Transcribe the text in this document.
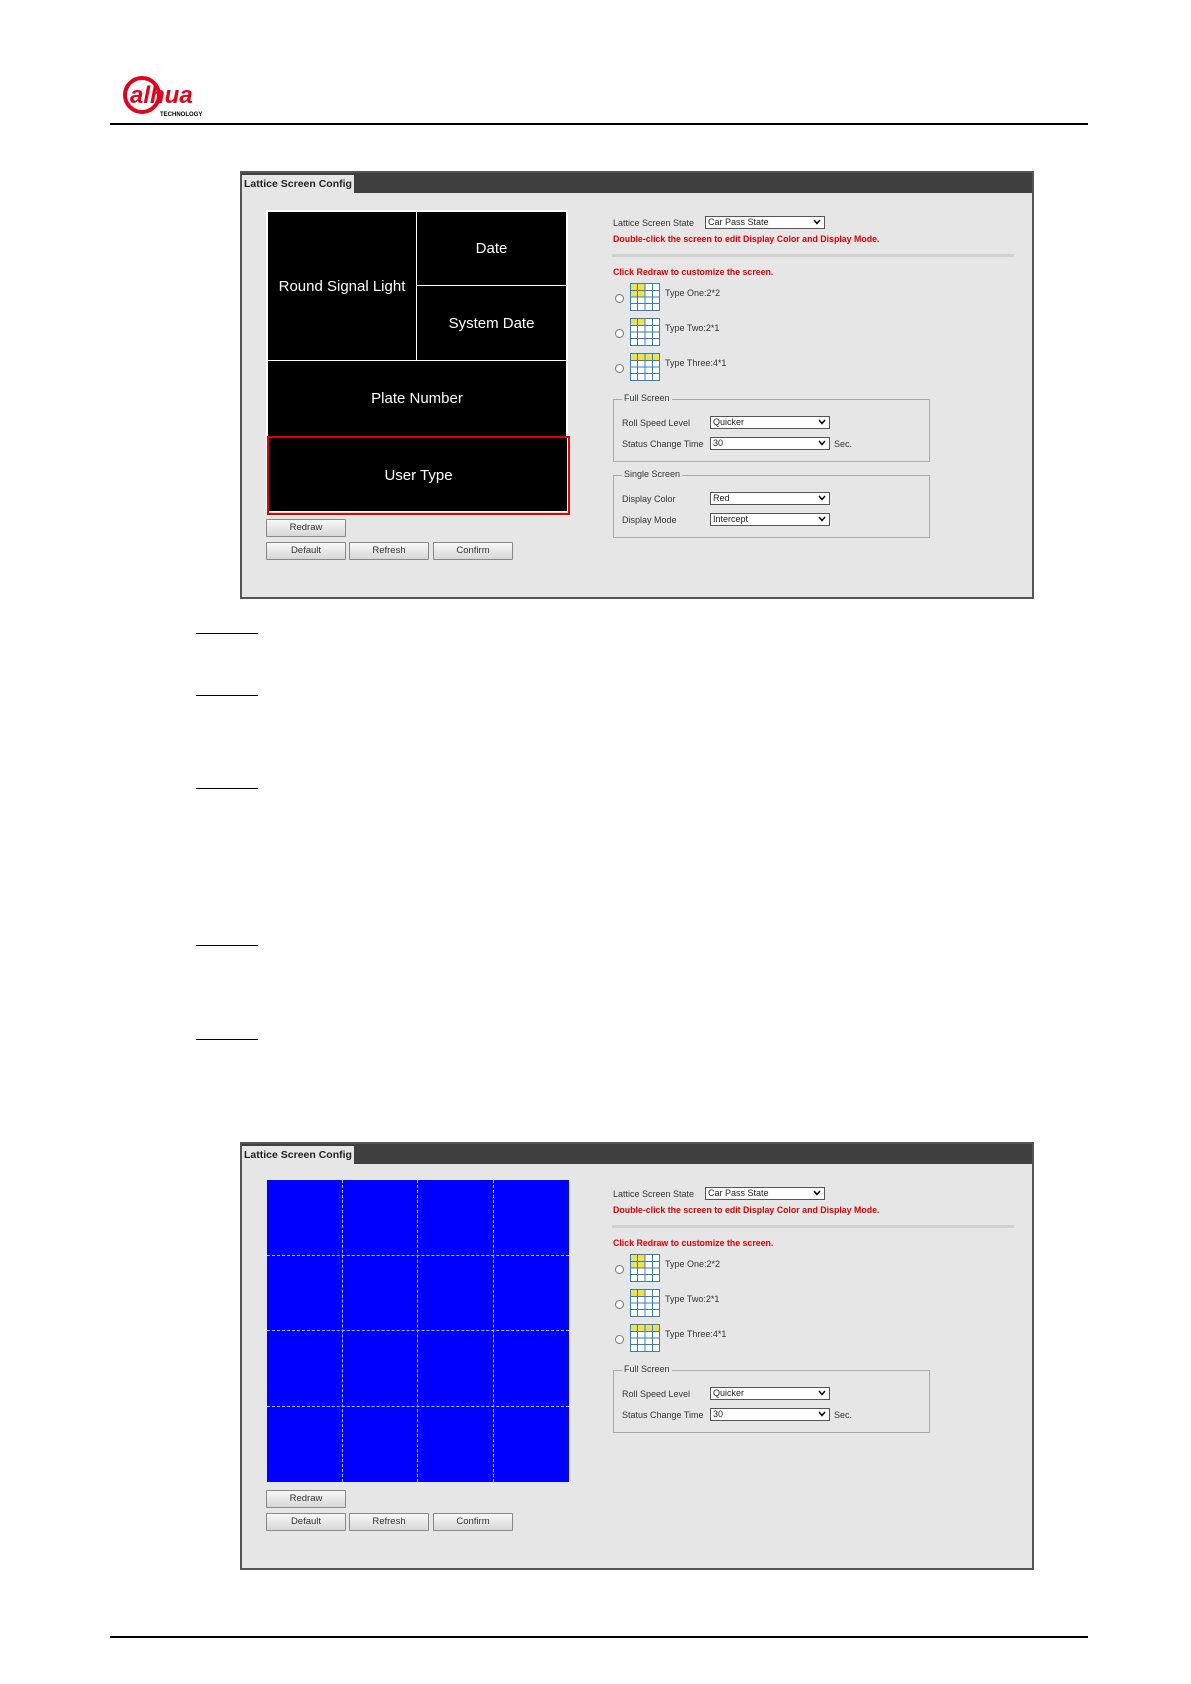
alhua
TECHNOLOGY
Lattice Screen Config
Round Signal Light
Date
System Date
Plate Number
User Type
Redraw
Default	Refresh	Confirm
Lattice Screen State	Car Pass State
Double-click the screen to edit Display Color and Display Mode.
Click Redraw to customize the screen.
Type One:2*2
Type Two:2*1
Type Three:4*1
Full Screen
Roll Speed Level	Quicker
Status Change Time	30	Sec.
Single Screen
Display Color	Red
Display Mode	Intercept
Lattice Screen Config
Redraw
Default	Refresh	Confirm
Lattice Screen State	Car Pass State
Double-click the screen to edit Display Color and Display Mode.
Click Redraw to customize the screen.
Type One:2*2
Type Two:2*1
Type Three:4*1
Full Screen
Roll Speed Level	Quicker
Status Change Time	30	Sec.
